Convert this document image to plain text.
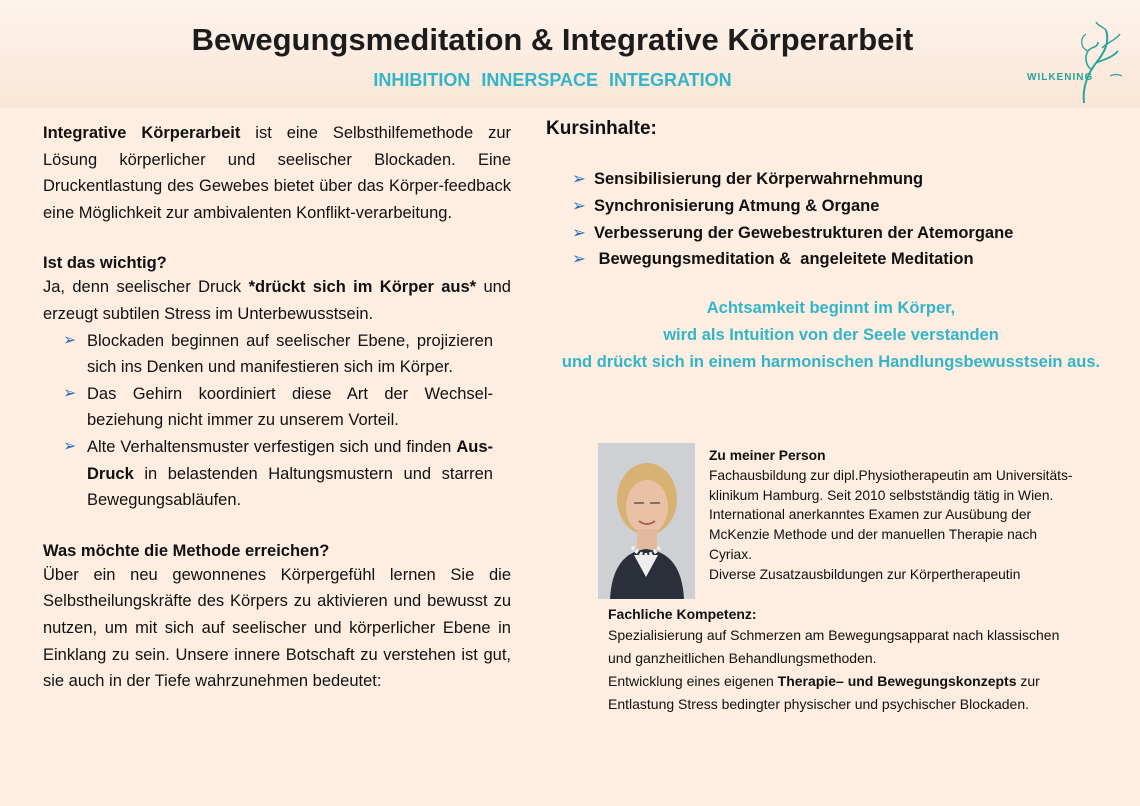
Bewegungsmeditation & Integrative Körperarbeit
INHIBITION INNERSPACE INTEGRATION	WILKENING

Integrative Körperarbeit ist eine Selbsthilfemethode zur Lösung körperlicher und seelischer Blockaden. Eine Druckentlastung des Gewebes bietet über das Körper-feedback eine Möglichkeit zur ambivalenten Konflikt-verarbeitung.

Ist das wichtig?

Ja, denn seelischer Druck *drückt sich im Körper aus* und erzeugt subtilen Stress im Unterbewusstsein.

➢ Blockaden beginnen auf seelischer Ebene, projizieren sich ins Denken und manifestieren sich im Körper.
➢ Das Gehirn koordiniert diese Art der Wechsel-beziehung nicht immer zu unserem Vorteil.
➢ Alte Verhaltensmuster verfestigen sich und finden Aus-Druck in belastenden Haltungsmustern und starren Bewegungsabläufen.

Was möchte die Methode erreichen?

Über ein neu gewonnenes Körpergefühl lernen Sie die Selbstheilungskräfte des Körpers zu aktivieren und bewusst zu nutzen, um mit sich auf seelischer und körperlicher Ebene in Einklang zu sein. Unsere innere Botschaft zu verstehen ist gut, sie auch in der Tiefe wahrzunehmen bedeutet:

Kursinhalte:

➢ Sensibilisierung der Körperwahrnehmung
➢ Synchronisierung Atmung & Organe
➢ Verbesserung der Gewebestrukturen der Atemorgane
➢ Bewegungsmeditation &  angeleitete Meditation
Achtsamkeit beginnt im Körper,
wird als Intuition von der Seele verstanden
und drückt sich in einem harmonischen Handlungsbewusstsein aus.
Zu meiner Person
Fachausbildung zur dipl.Physiotherapeutin am Universitäts-
klinikum Hamburg. Seit 2010 selbstständig tätig in Wien.
International anerkanntes Examen zur Ausübung der
McKenzie Methode und der manuellen Therapie nach
Cyriax.
Diverse Zusatzausbildungen zur Körpertherapeutin
Fachliche Kompetenz:
Spezialisierung auf Schmerzen am Bewegungsapparat nach klassischen
und ganzheitlichen Behandlungsmethoden.
Entwicklung eines eigenen Therapie– und Bewegungskonzepts zur
Entlastung Stress bedingter physischer und psychischer Blockaden.
